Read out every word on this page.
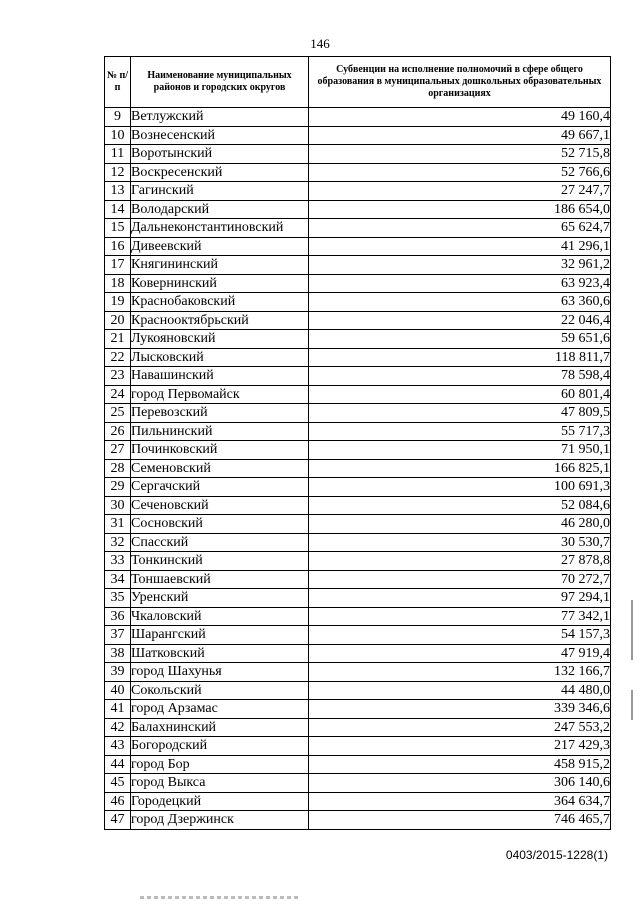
146
№ п/п	Наименование муниципальных районов и городских округов	Субвенции на исполнение полномочий в сфере общего образования в муниципальных дошкольных образовательных организациях
9	Ветлужский	49 160,4
10	Вознесенский	49 667,1
11	Воротынский	52 715,8
12	Воскресенский	52 766,6
13	Гагинский	27 247,7
14	Володарский	186 654,0
15	Дальнеконстантиновский	65 624,7
16	Дивеевский	41 296,1
17	Княгининский	32 961,2
18	Ковернинский	63 923,4
19	Краснобаковский	63 360,6
20	Краснооктябрьский	22 046,4
21	Лукояновский	59 651,6
22	Лысковский	118 811,7
23	Навашинский	78 598,4
24	город Первомайск	60 801,4
25	Перевозский	47 809,5
26	Пильнинский	55 717,3
27	Починковский	71 950,1
28	Семеновский	166 825,1
29	Сергачский	100 691,3
30	Сеченовский	52 084,6
31	Сосновский	46 280,0
32	Спасский	30 530,7
33	Тонкинский	27 878,8
34	Тоншаевский	70 272,7
35	Уренский	97 294,1
36	Чкаловский	77 342,1
37	Шарангский	54 157,3
38	Шатковский	47 919,4
39	город Шахунья	132 166,7
40	Сокольский	44 480,0
41	город Арзамас	339 346,6
42	Балахнинский	247 553,2
43	Богородский	217 429,3
44	город Бор	458 915,2
45	город Выкса	306 140,6
46	Городецкий	364 634,7
47	город Дзержинск	746 465,7
0403/2015-1228(1)
